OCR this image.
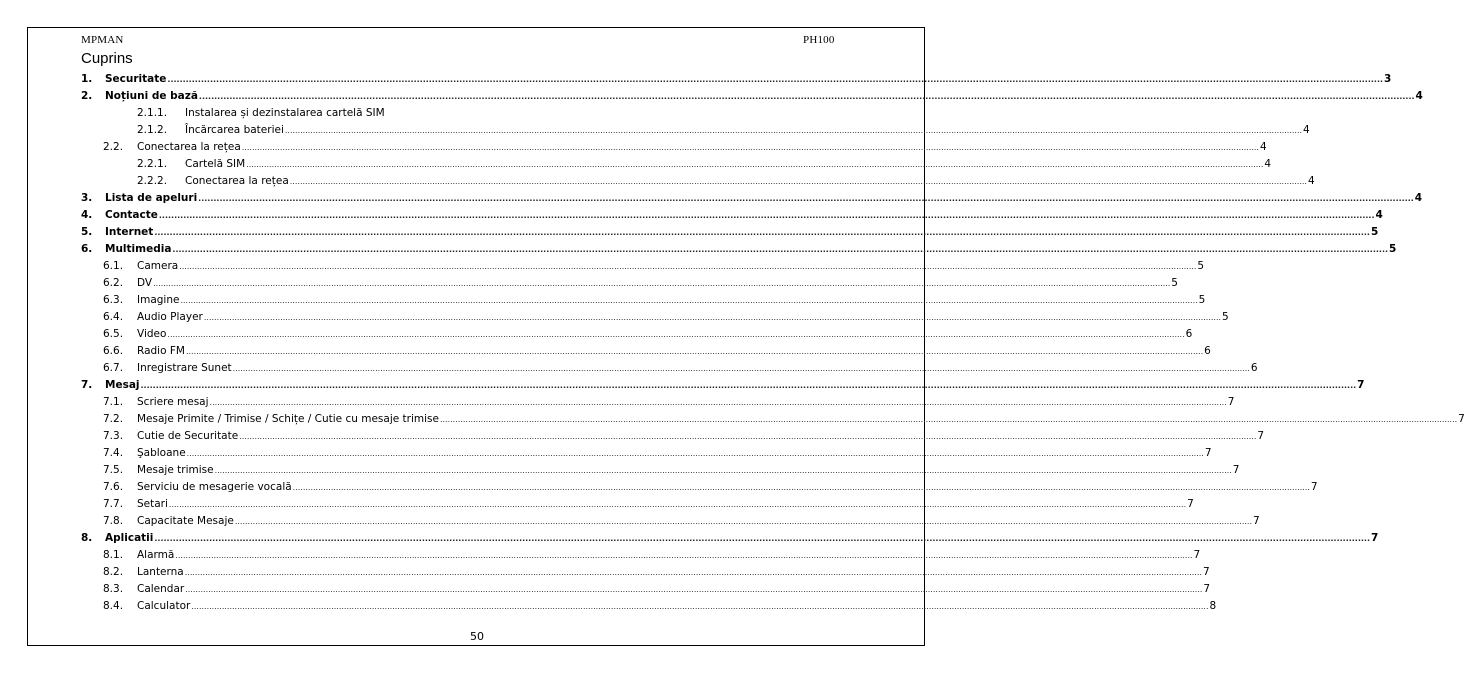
MPMAN	PH100
Cuprins
1. Securitate ................................................................................................................................................................................................................................................................................................................................................................................................................ 3
2. Noțiuni de bază ................................................................................................................................................................................................................................................................................................................................................................................................................ 4
2.1.1. Instalarea și dezinstalarea cartelă SIM
2.1.2. Încărcarea bateriei ................................................................................................................................................................................................................................................................................................................................................................................................................ 4
2.2. Conectarea la rețea ................................................................................................................................................................................................................................................................................................................................................................................................................ 4
2.2.1. Cartelă SIM ................................................................................................................................................................................................................................................................................................................................................................................................................ 4
2.2.2. Conectarea la rețea ................................................................................................................................................................................................................................................................................................................................................................................................................ 4
3. Lista de apeluri ................................................................................................................................................................................................................................................................................................................................................................................................................ 4
4. Contacte ................................................................................................................................................................................................................................................................................................................................................................................................................ 4
5. Internet ................................................................................................................................................................................................................................................................................................................................................................................................................ 5
6. Multimedia ................................................................................................................................................................................................................................................................................................................................................................................................................ 5
6.1. Camera ................................................................................................................................................................................................................................................................................................................................................................................................................ 5
6.2. DV ................................................................................................................................................................................................................................................................................................................................................................................................................ 5
6.3. Imagine ................................................................................................................................................................................................................................................................................................................................................................................................................ 5
6.4. Audio Player ................................................................................................................................................................................................................................................................................................................................................................................................................ 5
6.5. Video ................................................................................................................................................................................................................................................................................................................................................................................................................ 6
6.6. Radio FM ................................................................................................................................................................................................................................................................................................................................................................................................................ 6
6.7. Inregistrare Sunet ................................................................................................................................................................................................................................................................................................................................................................................................................ 6
7. Mesaj ................................................................................................................................................................................................................................................................................................................................................................................................................ 7
7.1. Scriere mesaj ................................................................................................................................................................................................................................................................................................................................................................................................................ 7
7.2. Mesaje Primite / Trimise / Schițe / Cutie cu mesaje trimise ................................................................................................................................................................................................................................................................................................................................................................................................................ 7
7.3. Cutie de Securitate ................................................................................................................................................................................................................................................................................................................................................................................................................ 7
7.4. Şabloane ................................................................................................................................................................................................................................................................................................................................................................................................................ 7
7.5. Mesaje trimise ................................................................................................................................................................................................................................................................................................................................................................................................................ 7
7.6. Serviciu de mesagerie vocală ................................................................................................................................................................................................................................................................................................................................................................................................................ 7
7.7. Setari ................................................................................................................................................................................................................................................................................................................................................................................................................ 7
7.8. Capacitate Mesaje ................................................................................................................................................................................................................................................................................................................................................................................................................ 7
8. Aplicatii ................................................................................................................................................................................................................................................................................................................................................................................................................ 7
8.1. Alarmă ................................................................................................................................................................................................................................................................................................................................................................................................................ 7
8.2. Lanterna ................................................................................................................................................................................................................................................................................................................................................................................................................ 7
8.3. Calendar ................................................................................................................................................................................................................................................................................................................................................................................................................ 7
8.4. Calculator ................................................................................................................................................................................................................................................................................................................................................................................................................ 8
50
